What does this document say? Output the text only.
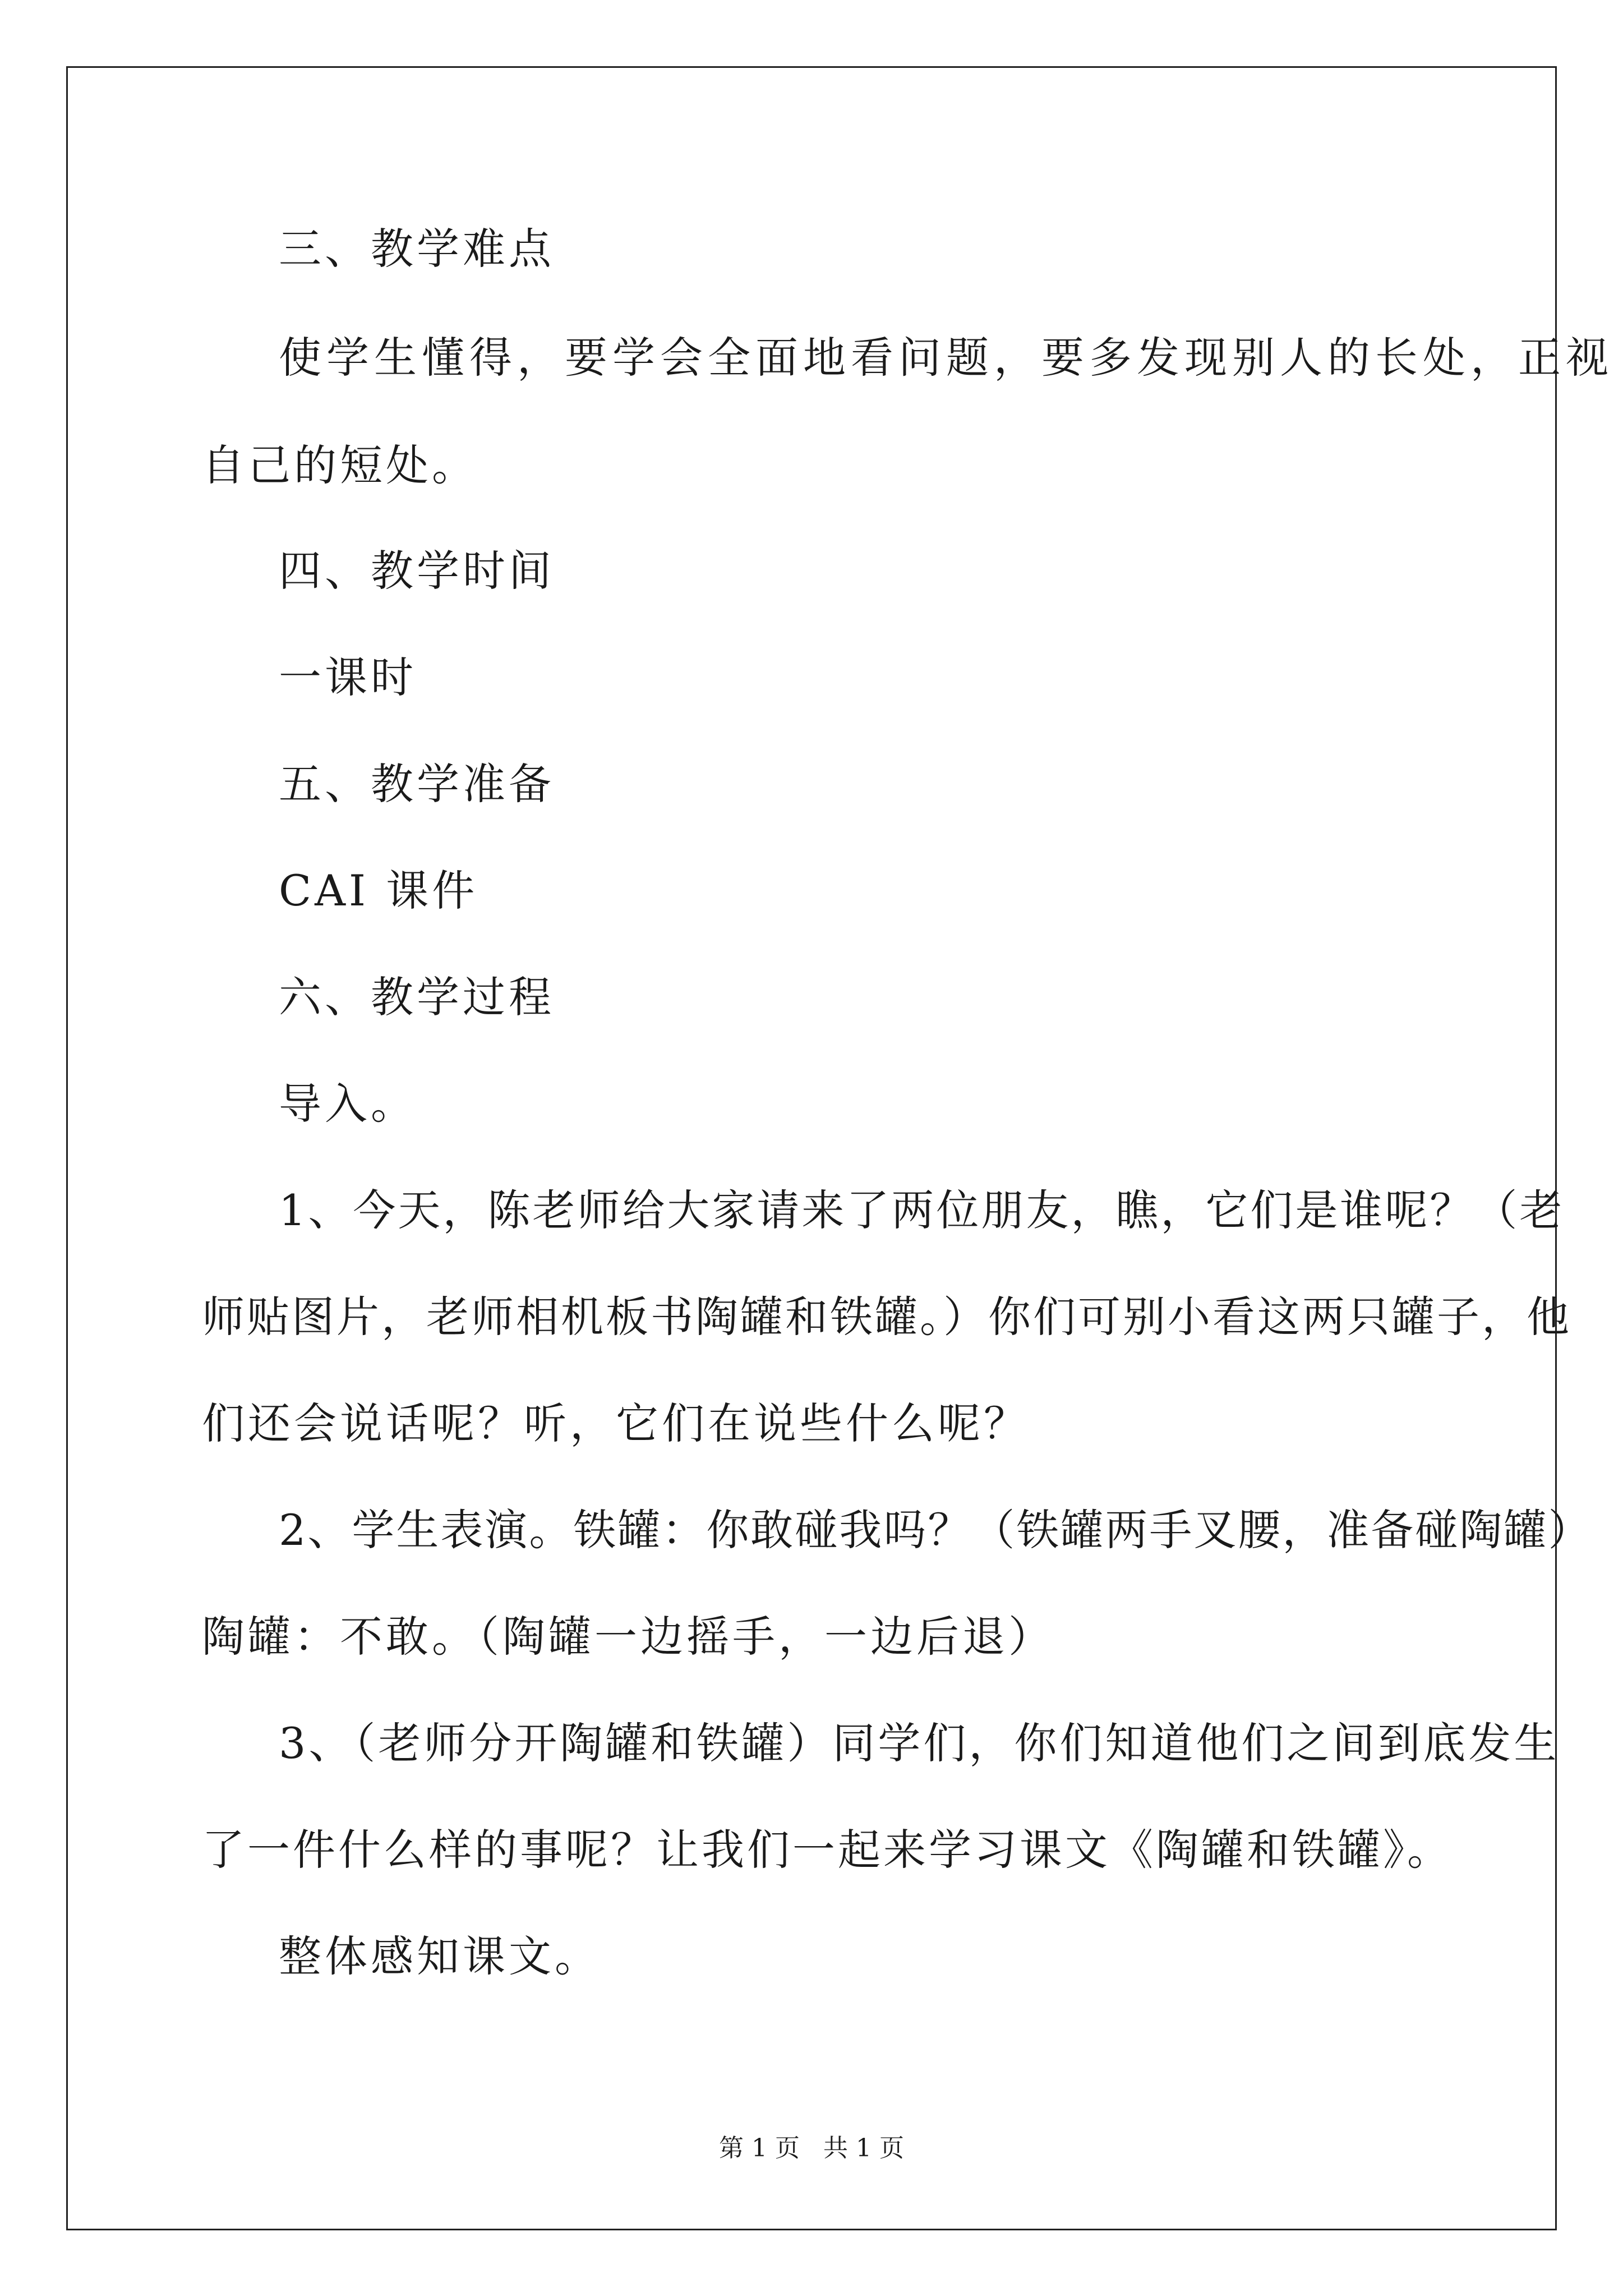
三、教学难点
使学生懂得，要学会全面地看问题，要多发现别人的长处，正视
自己的短处。
四、教学时间
一课时
五、教学准备
CAI 课件
六、教学过程
导入。
1、今天，陈老师给大家请来了两位朋友，瞧，它们是谁呢？（老
师贴图片，老师相机板书陶罐和铁罐。）你们可别小看这两只罐子，他
们还会说话呢？听，它们在说些什么呢？
2、学生表演。铁罐：你敢碰我吗？（铁罐两手叉腰，准备碰陶罐）
陶罐：不敢。（陶罐一边摇手，一边后退）
3、（老师分开陶罐和铁罐）同学们，你们知道他们之间到底发生
了一件什么样的事呢？让我们一起来学习课文《陶罐和铁罐》。
整体感知课文。
第 1 页   共 1 页
